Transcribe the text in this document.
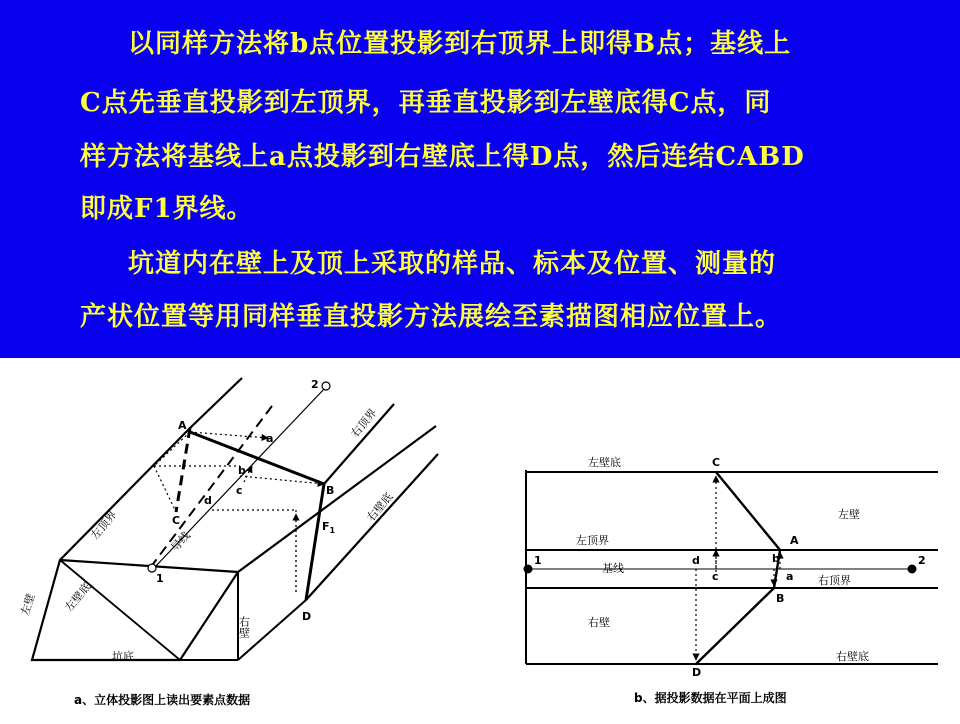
以同样方法将b点位置投影到右顶界上即得B点；基线上

C点先垂直投影到左顶界，再垂直投影到左壁底得C点，同

样方法将基线上a点投影到右壁底上得D点，然后连结CABD

即成F1界线。

坑道内在壁上及顶上采取的样品、标本及位置、测量的

产状位置等用同样垂直投影方法展绘至素描图相应位置上。

2
A
a
b
c
d
B
C
1
D
$F_1$
右顶界
右壁底
左顶界	导线
左壁底
左壁
右壁
坑底
a、立体投影图上读出要素点数据
左壁底	C
左壁
左顶界	A
1	2
d	b
c	a
基线
右顶界
B
右壁
D
右壁底
b、据投影数据在平面上成图
